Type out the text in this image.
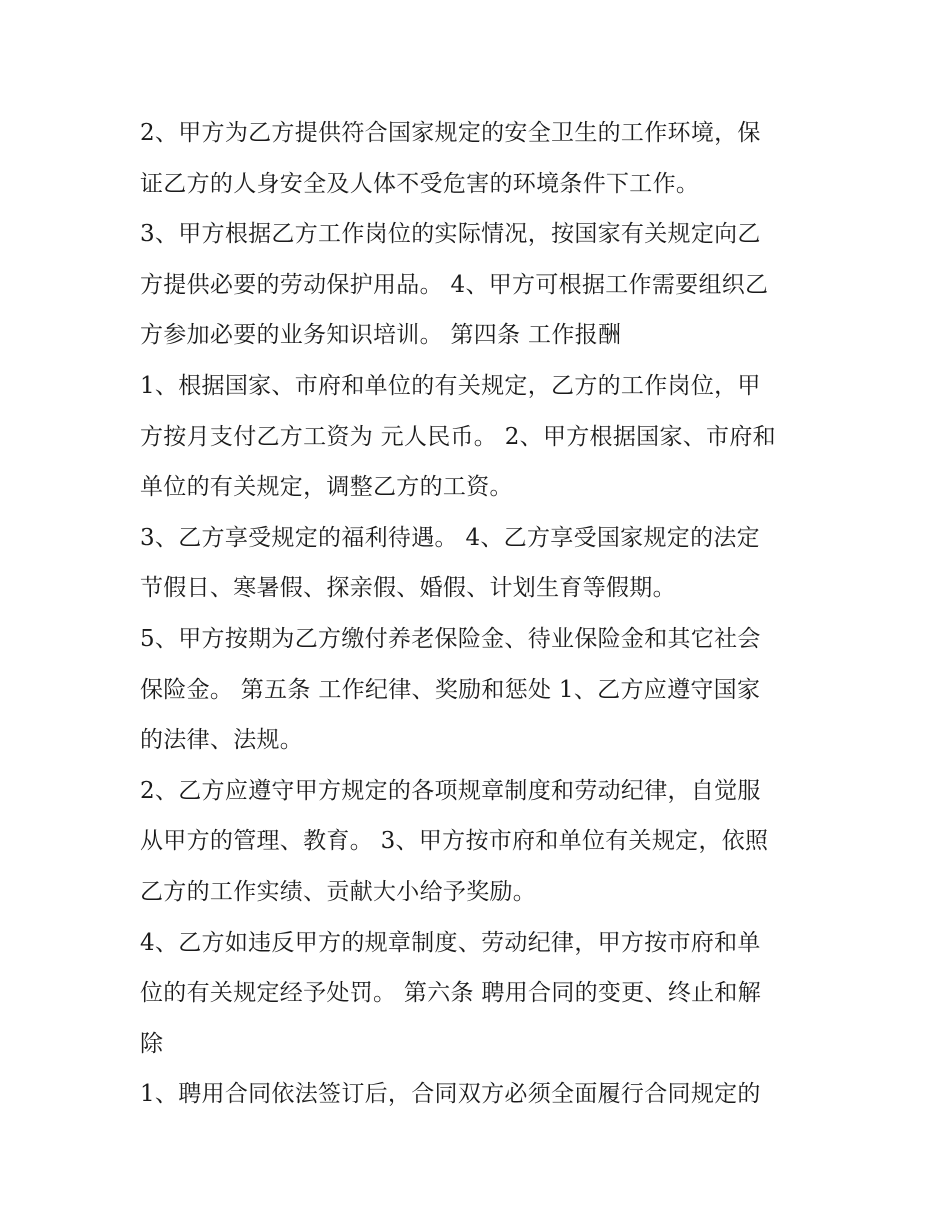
2、甲方为乙方提供符合国家规定的安全卫生的工作环境，保
证乙方的人身安全及人体不受危害的环境条件下工作。
3、甲方根据乙方工作岗位的实际情况，按国家有关规定向乙
方提供必要的劳动保护用品。 4、甲方可根据工作需要组织乙
方参加必要的业务知识培训。 第四条 工作报酬
1、根据国家、市府和单位的有关规定，乙方的工作岗位，甲
方按月支付乙方工资为 元人民币。 2、甲方根据国家、市府和
单位的有关规定，调整乙方的工资。
3、乙方享受规定的福利待遇。 4、乙方享受国家规定的法定
节假日、寒暑假、探亲假、婚假、计划生育等假期。
5、甲方按期为乙方缴付养老保险金、待业保险金和其它社会
保险金。 第五条 工作纪律、奖励和惩处 1、乙方应遵守国家
的法律、法规。
2、乙方应遵守甲方规定的各项规章制度和劳动纪律，自觉服
从甲方的管理、教育。 3、甲方按市府和单位有关规定，依照
乙方的工作实绩、贡献大小给予奖励。
4、乙方如违反甲方的规章制度、劳动纪律，甲方按市府和单
位的有关规定经予处罚。 第六条 聘用合同的变更、终止和解
除
1、聘用合同依法签订后，合同双方必须全面履行合同规定的
